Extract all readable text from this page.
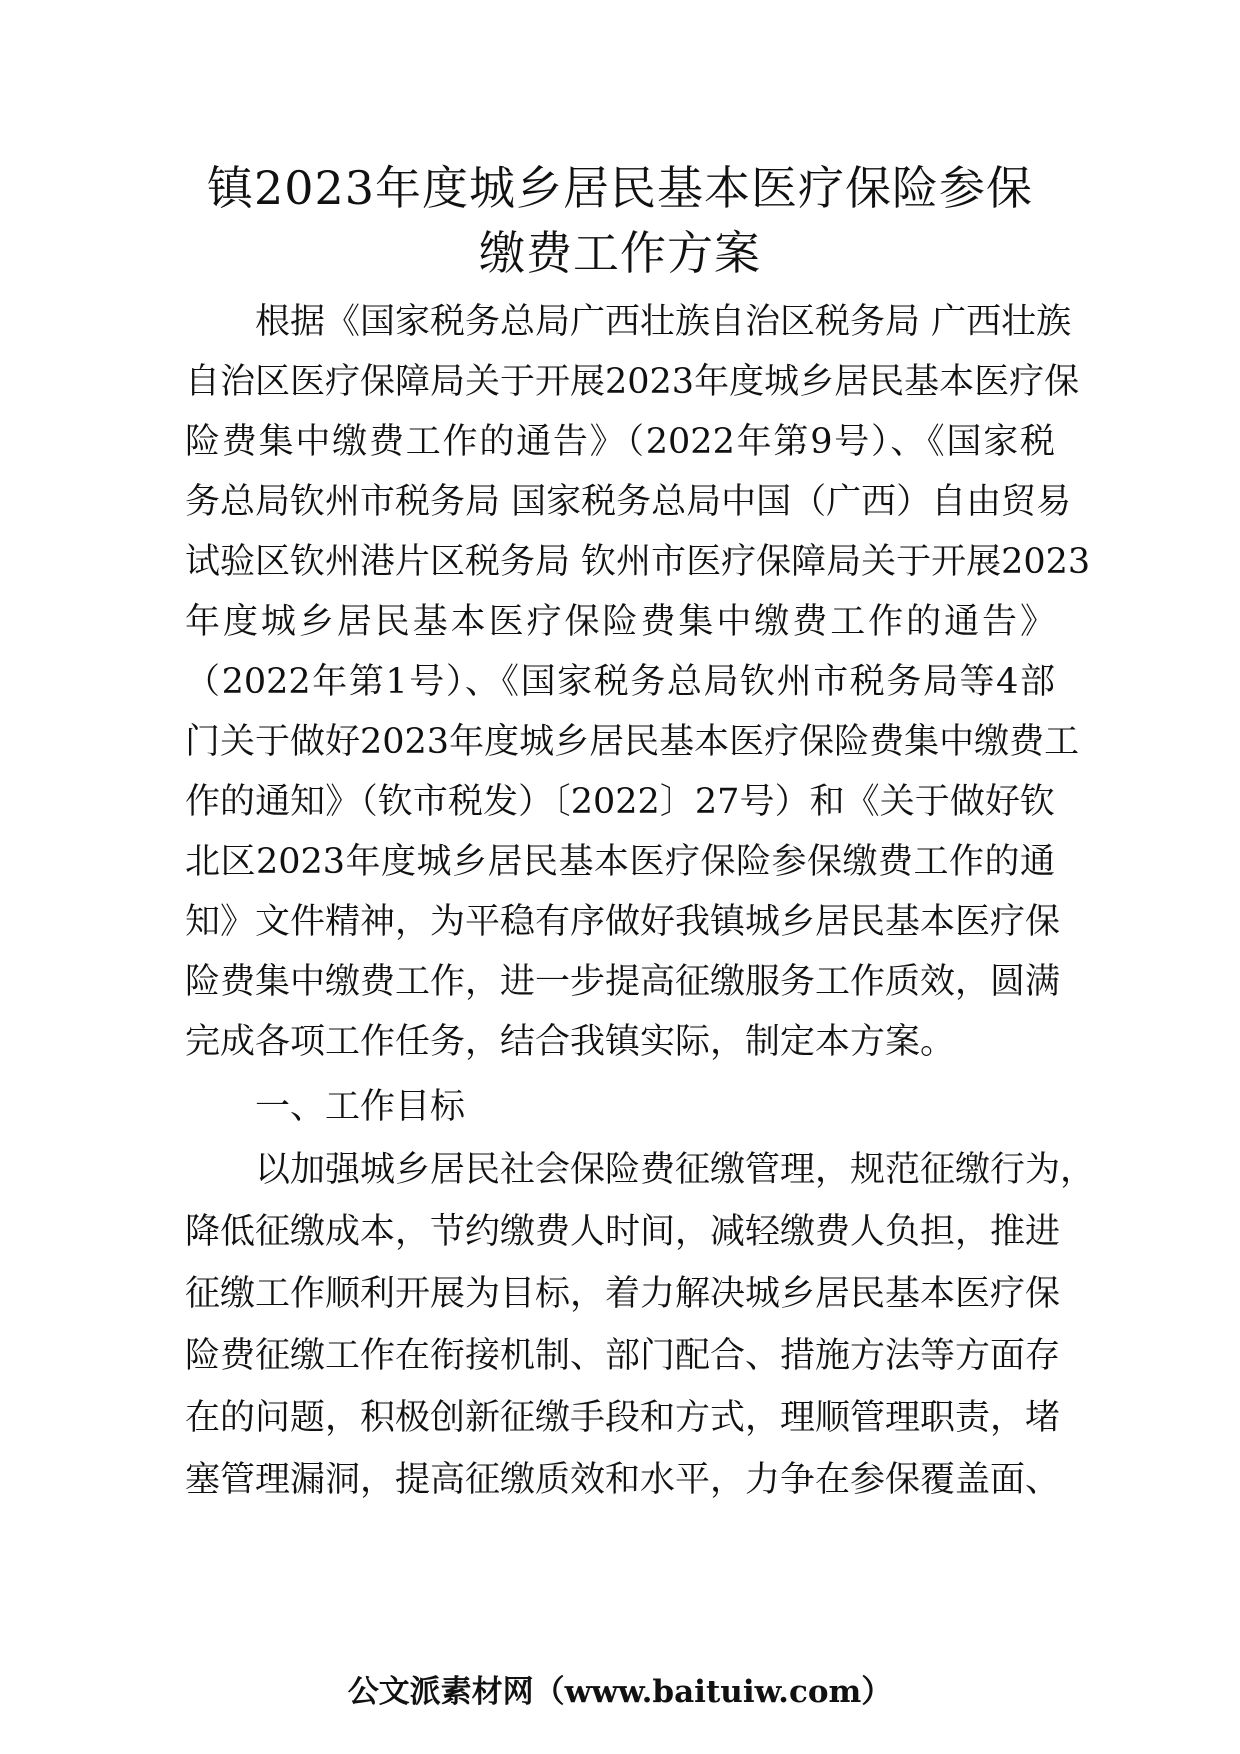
镇2023年度城乡居民基本医疗保险参保
缴费工作方案
根据《国家税务总局广西壮族自治区税务局 广西壮族
自治区医疗保障局关于开展2023年度城乡居民基本医疗保
险费集中缴费工作的通告》（2022年第9号）、《国家税
务总局钦州市税务局 国家税务总局中国（广西）自由贸易
试验区钦州港片区税务局 钦州市医疗保障局关于开展2023
年度城乡居民基本医疗保险费集中缴费工作的通告》
（2022年第1号）、《国家税务总局钦州市税务局等4部
门关于做好2023年度城乡居民基本医疗保险费集中缴费工
作的通知》（钦市税发）〔2022〕27号）和《关于做好钦
北区2023年度城乡居民基本医疗保险参保缴费工作的通
知》文件精神，为平稳有序做好我镇城乡居民基本医疗保
险费集中缴费工作，进一步提高征缴服务工作质效，圆满
完成各项工作任务，结合我镇实际，制定本方案。
一、工作目标
以加强城乡居民社会保险费征缴管理，规范征缴行为，
降低征缴成本，节约缴费人时间，减轻缴费人负担，推进
征缴工作顺利开展为目标，着力解决城乡居民基本医疗保
险费征缴工作在衔接机制、部门配合、措施方法等方面存
在的问题，积极创新征缴手段和方式，理顺管理职责，堵
塞管理漏洞，提高征缴质效和水平，力争在参保覆盖面、
公文派素材网（www.baituiw.com）
